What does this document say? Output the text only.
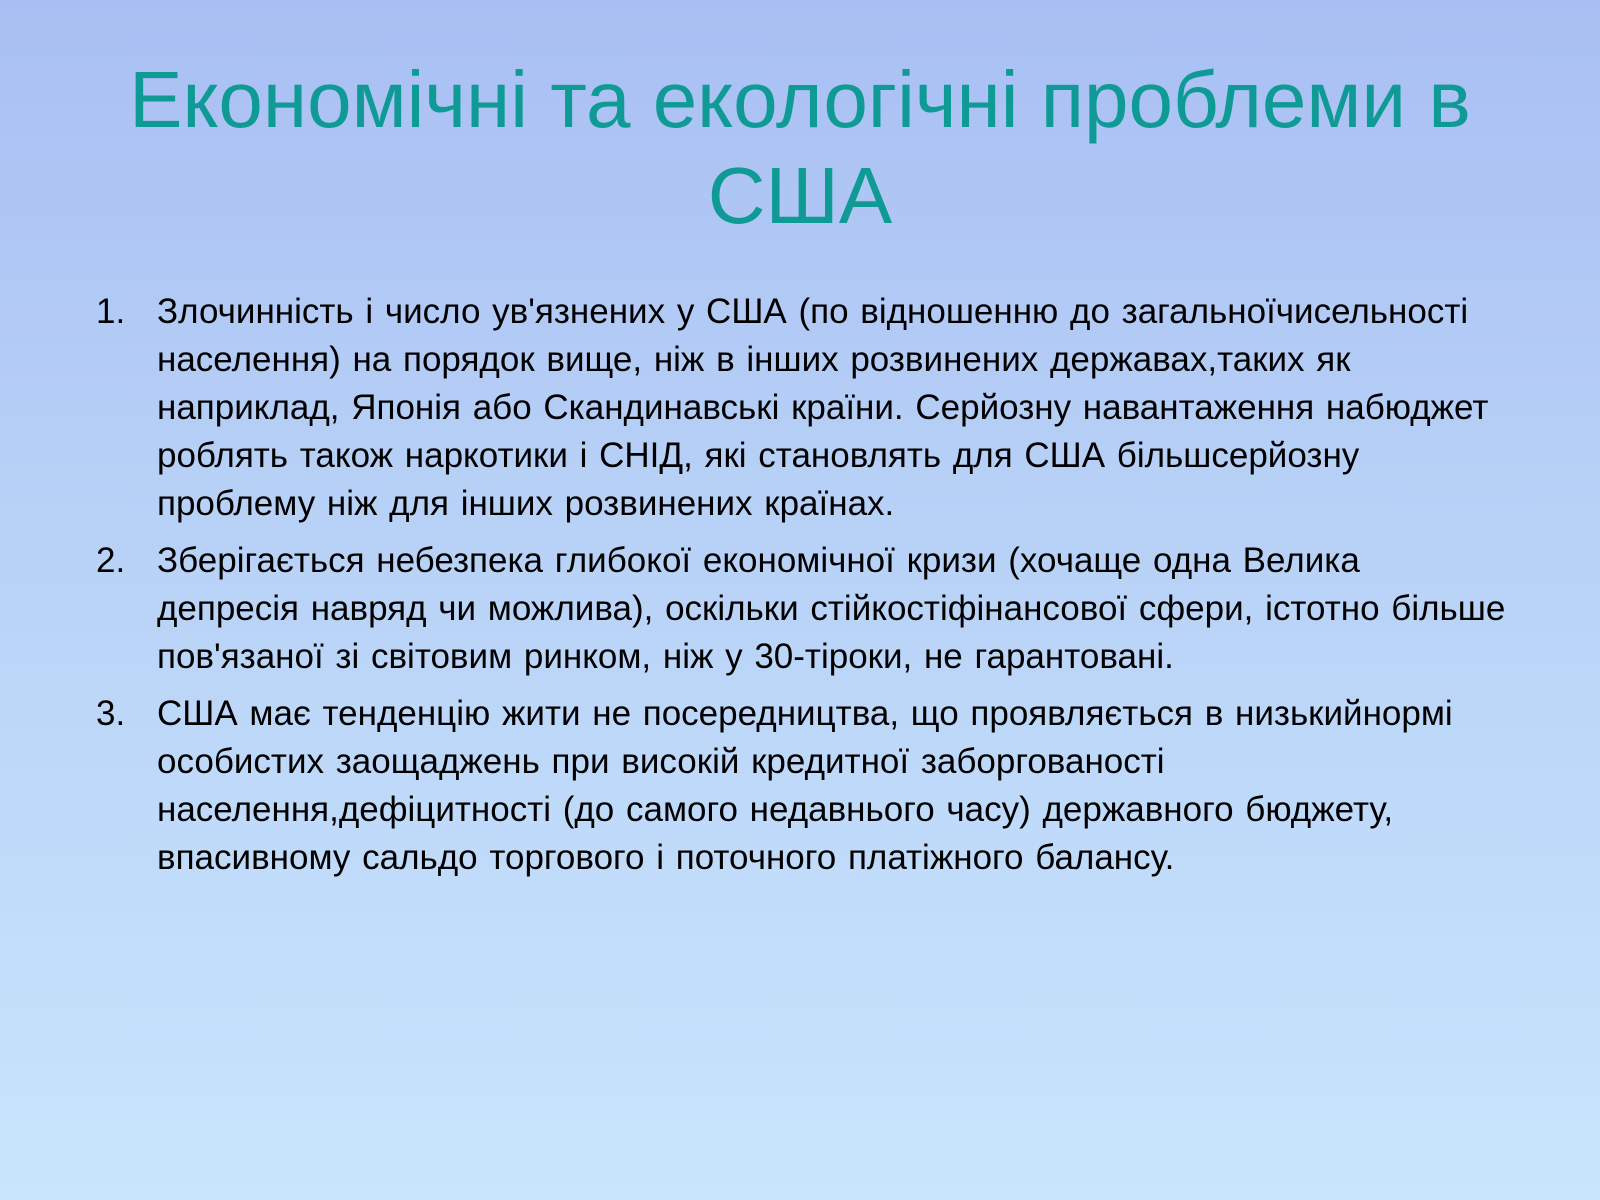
Економічні та екологічні проблеми в
США
1. Злочинність і число ув'язнених у США (по відношенню до загальноїчисельності населення) на порядок вище, ніж в інших розвинених державах,таких як наприклад, Японія або Скандинавські країни. Серйозну навантаження набюджет роблять також наркотики і СНІД, які становлять для США більшсерйозну проблему ніж для інших розвинених країнах.
2. Зберігається небезпека глибокої економічної кризи (хочаще одна Велика депресія навряд чи можлива), оскільки стійкостіфінансової сфери, істотно більше пов'язаної зі світовим ринком, ніж у 30-тіроки, не гарантовані.
3. США має тенденцію жити не посередництва, що проявляється в низькийнормі особистих заощаджень при високій кредитної заборгованості населення,дефіцитності (до самого недавнього часу) державного бюджету, впасивному сальдо торгового і поточного платіжного балансу.
